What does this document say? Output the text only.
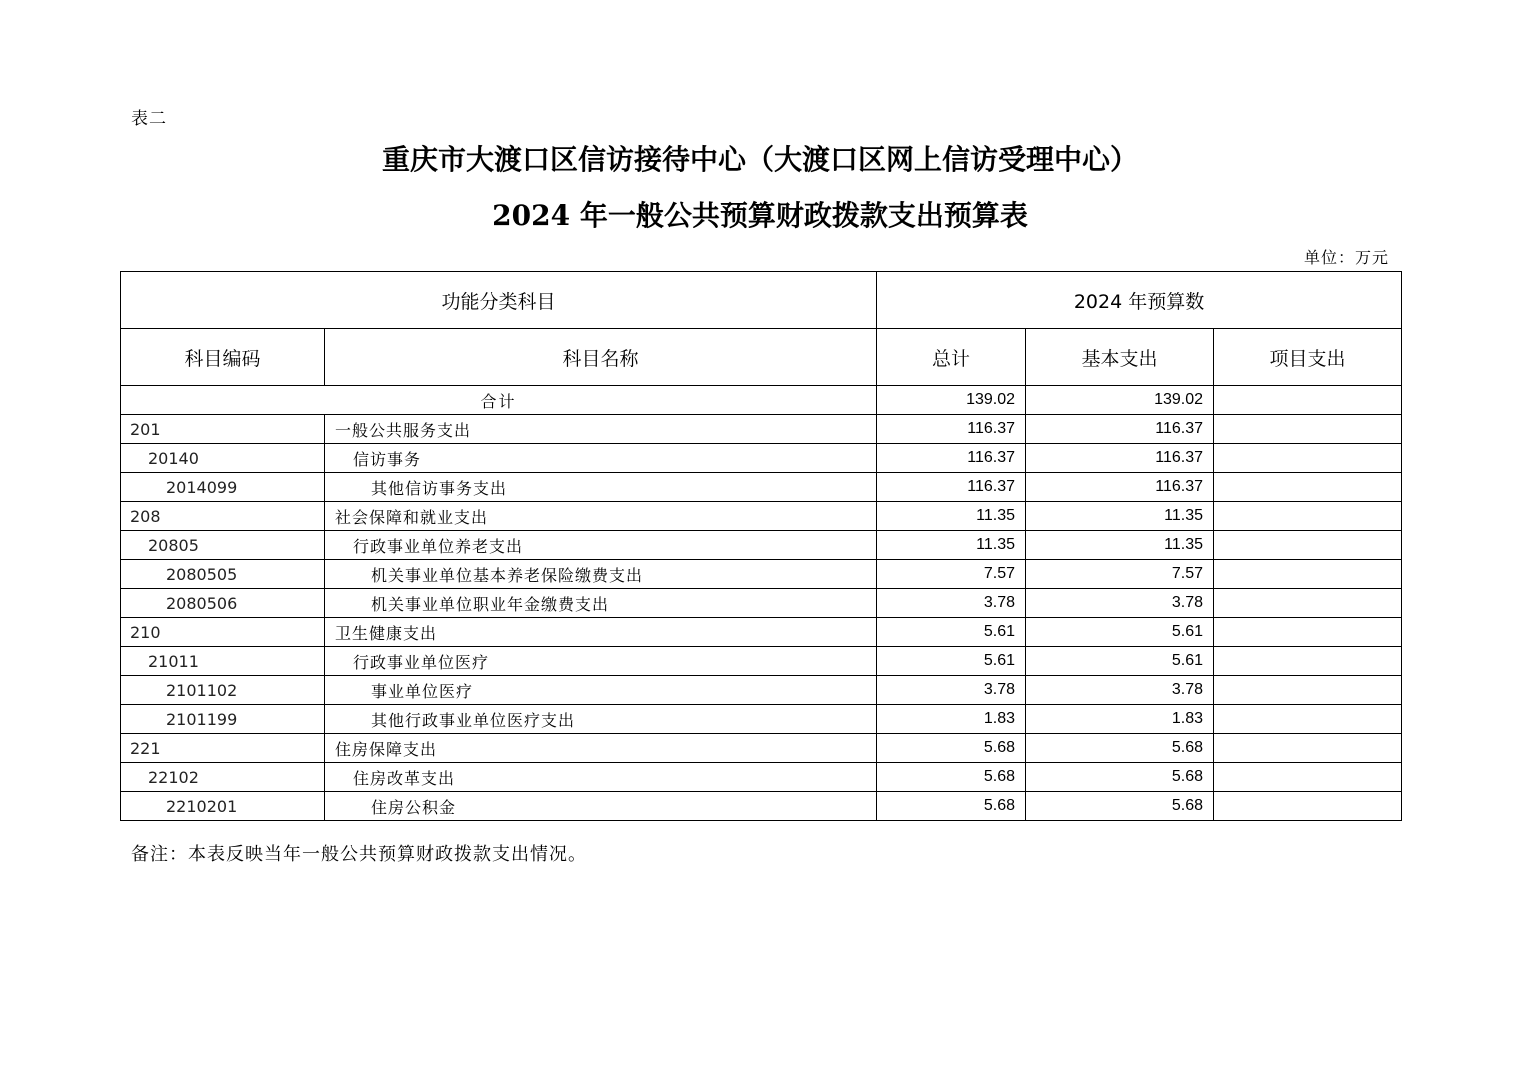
表二
重庆市大渡口区信访接待中心（大渡口区网上信访受理中心）
2024 年一般公共预算财政拨款支出预算表
单位：万元
功能分类科目		2024 年预算数		
科目编码	科目名称	总计	基本支出	项目支出
合计		139.02	139.02	
201	一般公共服务支出	116.37	116.37	
20140	信访事务	116.37	116.37	
2014099	其他信访事务支出	116.37	116.37	
208	社会保障和就业支出	11.35	11.35	
20805	行政事业单位养老支出	11.35	11.35	
2080505	机关事业单位基本养老保险缴费支出	7.57	7.57	
2080506	机关事业单位职业年金缴费支出	3.78	3.78	
210	卫生健康支出	5.61	5.61	
21011	行政事业单位医疗	5.61	5.61	
2101102	事业单位医疗	3.78	3.78	
2101199	其他行政事业单位医疗支出	1.83	1.83	
221	住房保障支出	5.68	5.68	
22102	住房改革支出	5.68	5.68	
2210201	住房公积金	5.68	5.68	
备注：本表反映当年一般公共预算财政拨款支出情况。
